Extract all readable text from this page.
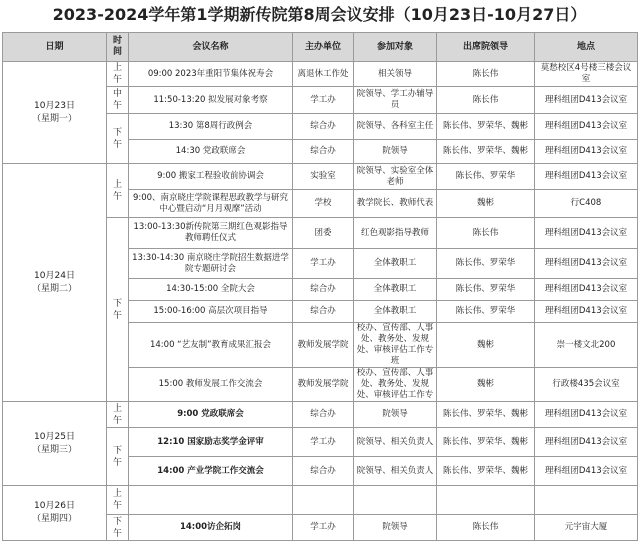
2023-2024学年第1学期新传院第8周会议安排（10月23日-10月27日）
日期	时间	会议名称	主办单位	参加对象	出席院领导	地点

10月23日
（星期一）	上午	09:00 2023年重阳节集体祝寿会	离退休工作处	相关领导	陈长伟	莫愁校区4号楼三楼会议室
	中午	11:50-13:20 拟发展对象考察	学工办	院领导、学工办辅导员	陈长伟	理科组团D413会议室
	下午	13:30 第8周行政例会	综合办	院领导、各科室主任	陈长伟、罗荣华、魏彬	理科组团D413会议室
		14:30 党政联席会	综合办	院领导	陈长伟、罗荣华、魏彬	理科组团D413会议室

10月24日
（星期二）	上午	9:00 搬家工程验收前协调会	实验室	院领导、实验室全体老师	陈长伟、罗荣华	理科组团D413会议室
		9:00、南京晓庄学院课程思政教学与研究中心暨启动“月月观摩”活动	学校	教学院长、教师代表	魏彬	行C408
	下午	13:00-13:30新传院第三期红色观影指导教师聘任仪式	团委	红色观影指导教师	陈长伟	理科组团D413会议室
		13:30-14:30 南京晓庄学院招生数据进学院专题研讨会	学工办	全体教职工	陈长伟、罗荣华	理科组团D413会议室
		14:30-15:00 全院大会	综合办	全体教职工	陈长伟、罗荣华	理科组团D413会议室
		15:00-16:00 高层次项目指导	综合办	全体教职工	陈长伟、罗荣华	理科组团D413会议室
		14:00 “艺友制”教育成果汇报会	教师发展学院	校办、宣传部、人事处、教务处、发规处、审核评估工作专班	魏彬	崇一楼文北200
		15:00 教师发展工作交流会	教师发展学院	校办、宣传部、人事处、教务处、发规处、审核评估工作专	魏彬	行政楼435会议室

10月25日
（星期三）	上午	9:00 党政联席会	综合办	院领导	陈长伟、罗荣华、魏彬	理科组团D413会议室
	下午	12:10 国家励志奖学金评审	学工办	院领导、相关负责人	陈长伟、罗荣华、魏彬	理科组团D413会议室
		14:00 产业学院工作交流会	综合办	院领导、相关负责人	陈长伟、罗荣华、魏彬	理科组团D413会议室

10月26日
（星期四）	上午					
	下午	14:00访企拓岗	学工办	院领导	陈长伟	元宇宙大厦
